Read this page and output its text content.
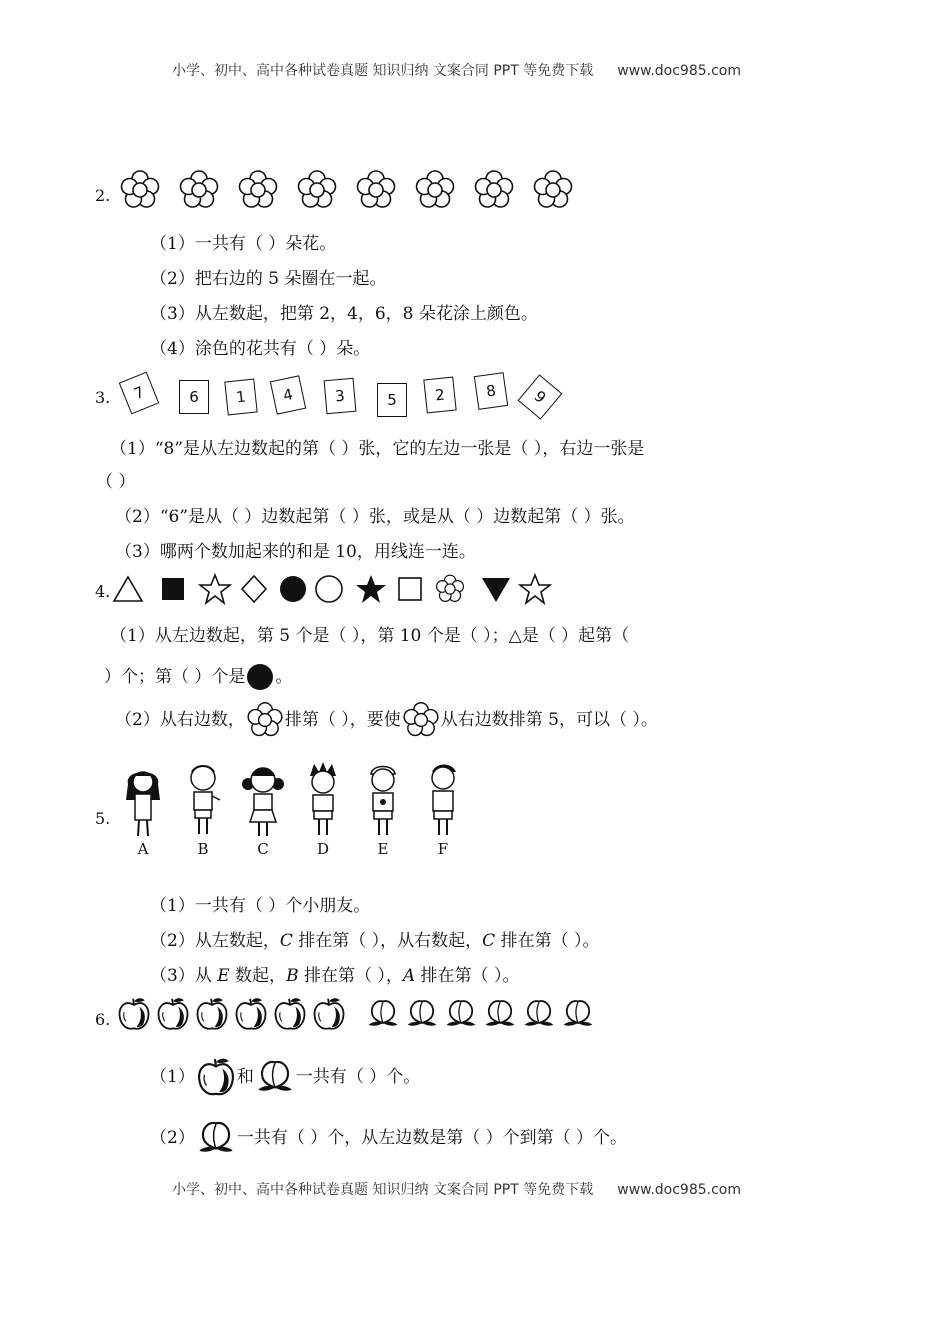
小学、初中、高中各种试卷真题 知识归纳 文案合同 PPT 等免费下载 www.doc985.com
2.
（1）一共有（ ）朵花。
（2）把右边的 5 朵圈在一起。
（3）从左数起，把第 2，4，6，8 朵花涂上颜色。
（4）涂色的花共有（ ）朵。
3.	7	6	1	4	3	5	2	8	9
（1）“8”是从左边数起的第（ ）张，它的左边一张是（ ），右边一张是
（ ）
（2）“6”是从（ ）边数起第（ ）张，或是从（ ）边数起第（ ）张。
（3）哪两个数加起来的和是 10，用线连一连。
4.
（1）从左边数起，第 5 个是（ ），第 10 个是（ ）；△是（ ）起第（
）个；第（ ）个是 。
（2）从右边数， 排第（ ），要使 从右边数排第 5，可以（ ）。
5.
A	B	C	D	E	F
（1）一共有（ ）个小朋友。
（2）从左数起，C 排在第（ ），从右数起，C 排在第（ ）。
（3）从 E 数起，B 排在第（ ），A 排在第（ ）。
6.
（1） 和 一共有（ ）个。
（2） 一共有（ ）个，从左边数是第（ ）个到第（ ）个。
小学、初中、高中各种试卷真题 知识归纳 文案合同 PPT 等免费下载 www.doc985.com
